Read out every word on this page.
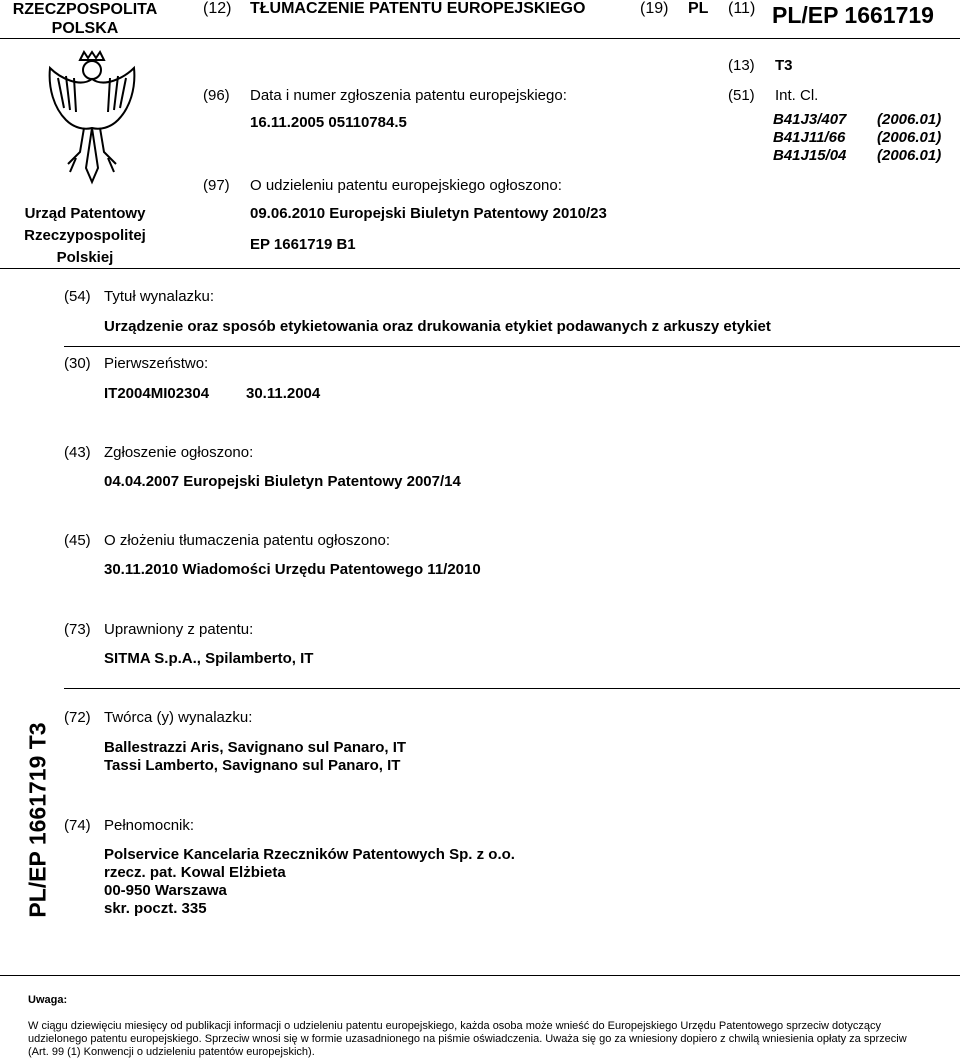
RZECZPOSPOLITA
POLSKA
(12) TŁUMACZENIE PATENTU EUROPEJSKIEGO	(19) PL (11) PL/EP 1661719
(13) T3
Urząd Patentowy
Rzeczypospolitej
Polskiej
(96) Data i numer zgłoszenia patentu europejskiego:
16.11.2005 05110784.5
(51) Int. Cl.
B41J3/407 (2006.01)
B41J11/66 (2006.01)
B41J15/04 (2006.01)
(97) O udzieleniu patentu europejskiego ogłoszono:
09.06.2010 Europejski Biuletyn Patentowy 2010/23
EP 1661719 B1
(54) Tytuł wynalazku:
Urządzenie oraz sposób etykietowania oraz drukowania etykiet podawanych z arkuszy etykiet
(30) Pierwszeństwo:
IT2004MI02304 30.11.2004
(43) Zgłoszenie ogłoszono:
04.04.2007 Europejski Biuletyn Patentowy 2007/14
(45) O złożeniu tłumaczenia patentu ogłoszono:
30.11.2010 Wiadomości Urzędu Patentowego 11/2010
(73) Uprawniony z patentu:
SITMA S.p.A., Spilamberto, IT
PL/EP 1661719 T3
(72) Twórca (y) wynalazku:
Ballestrazzi Aris, Savignano sul Panaro, IT
Tassi Lamberto, Savignano sul Panaro, IT
(74) Pełnomocnik:
Polservice Kancelaria Rzeczników Patentowych Sp. z o.o.
rzecz. pat. Kowal Elżbieta
00-950 Warszawa
skr. poczt. 335
Uwaga:
W ciągu dziewięciu miesięcy od publikacji informacji o udzieleniu patentu europejskiego, każda osoba może wnieść do Europejskiego Urzędu Patentowego sprzeciw dotyczący udzielonego patentu europejskiego. Sprzeciw wnosi się w formie uzasadnionego na piśmie oświadczenia. Uważa się go za wniesiony dopiero z chwilą wniesienia opłaty za sprzeciw (Art. 99 (1) Konwencji o udzieleniu patentów europejskich).
